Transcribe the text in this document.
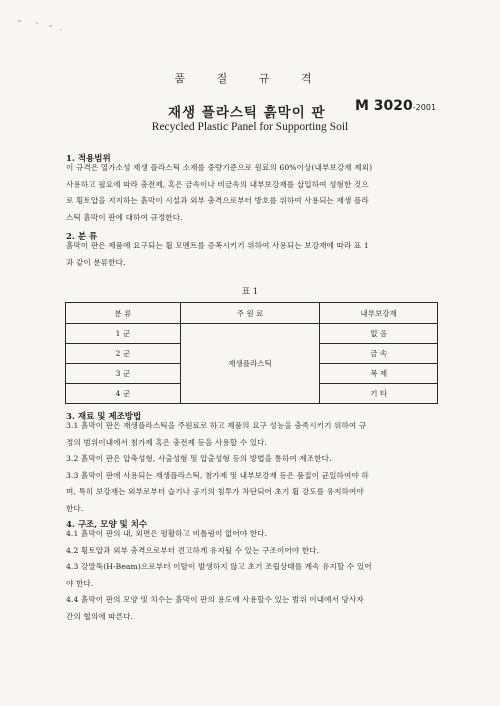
품 질 규 격
재생 플라스틱 흙막이 판 M 3020-2001
Recycled Plastic Panel for Supporting Soil
1. 적용범위
이 규격은 열가소성 재생 플라스틱 소재를 중량기준으로 원료의 60%이상(내부보강재 제외)
사용하고 필요에 따라 충전제, 혹은 금속이나 비금속의 내부보강재를 삽입하여 성형한 것으
로 횡토압을 지지하는 흙막이 시설과 외부 충격으로부터 방호를 위하여 사용되는 재생 플라
스틱 흙막이 판에 대하여 규정한다.
2. 분 류
흙막이 판은 제품에 요구되는 휨 모멘트를 증폭시키기 위하여 사용되는 보강재에 따라 표 1
과 같이 분류한다.
표 1
분 류	주 원 료	내부보강재
1 군	재생플라스틱	없 음
2 군		금 속
3 군		복 제
4 군		기 타
3. 재료 및 제조방법
3.1 흙막이 판은 재생플라스틱을 주원료로 하고 제품의 요구 성능을 충족시키기 위하여 규
정의 범위이내에서 첨가제 혹은 충전제 등을 사용할 수 있다.
3.2 흙막이 판은 압축성형, 사출성형 및 압출성형 등의 방법을 통하여 제조한다.
3.3 흙막이 판에 사용되는 재생플라스틱, 첨가제 및 내부보강재 등은 품질이 균일하여야 하
며, 특히 보강재는 외부로부터 습기나 공기의 침투가 차단되어 초기 휨 강도를 유지하여야
한다.
4. 구조, 모양 및 치수
4.1 흙막이 판의 내, 외면은 평활하고 비틀림이 없어야 한다.
4.2 횡토압과 외부 충격으로부터 견고하게 유지될 수 있는 구조이어야 한다.
4.3 강말뚝(H-Beam)으로부터 이탈이 발생하지 않고 초기 조립상태를 계속 유지할 수 있어
야 한다.
4.4 흙막이 판의 모양 및 치수는 흙막이 판의 용도에 사용할수 있는 범위 이내에서 당사자
간의 협의에 따른다.
